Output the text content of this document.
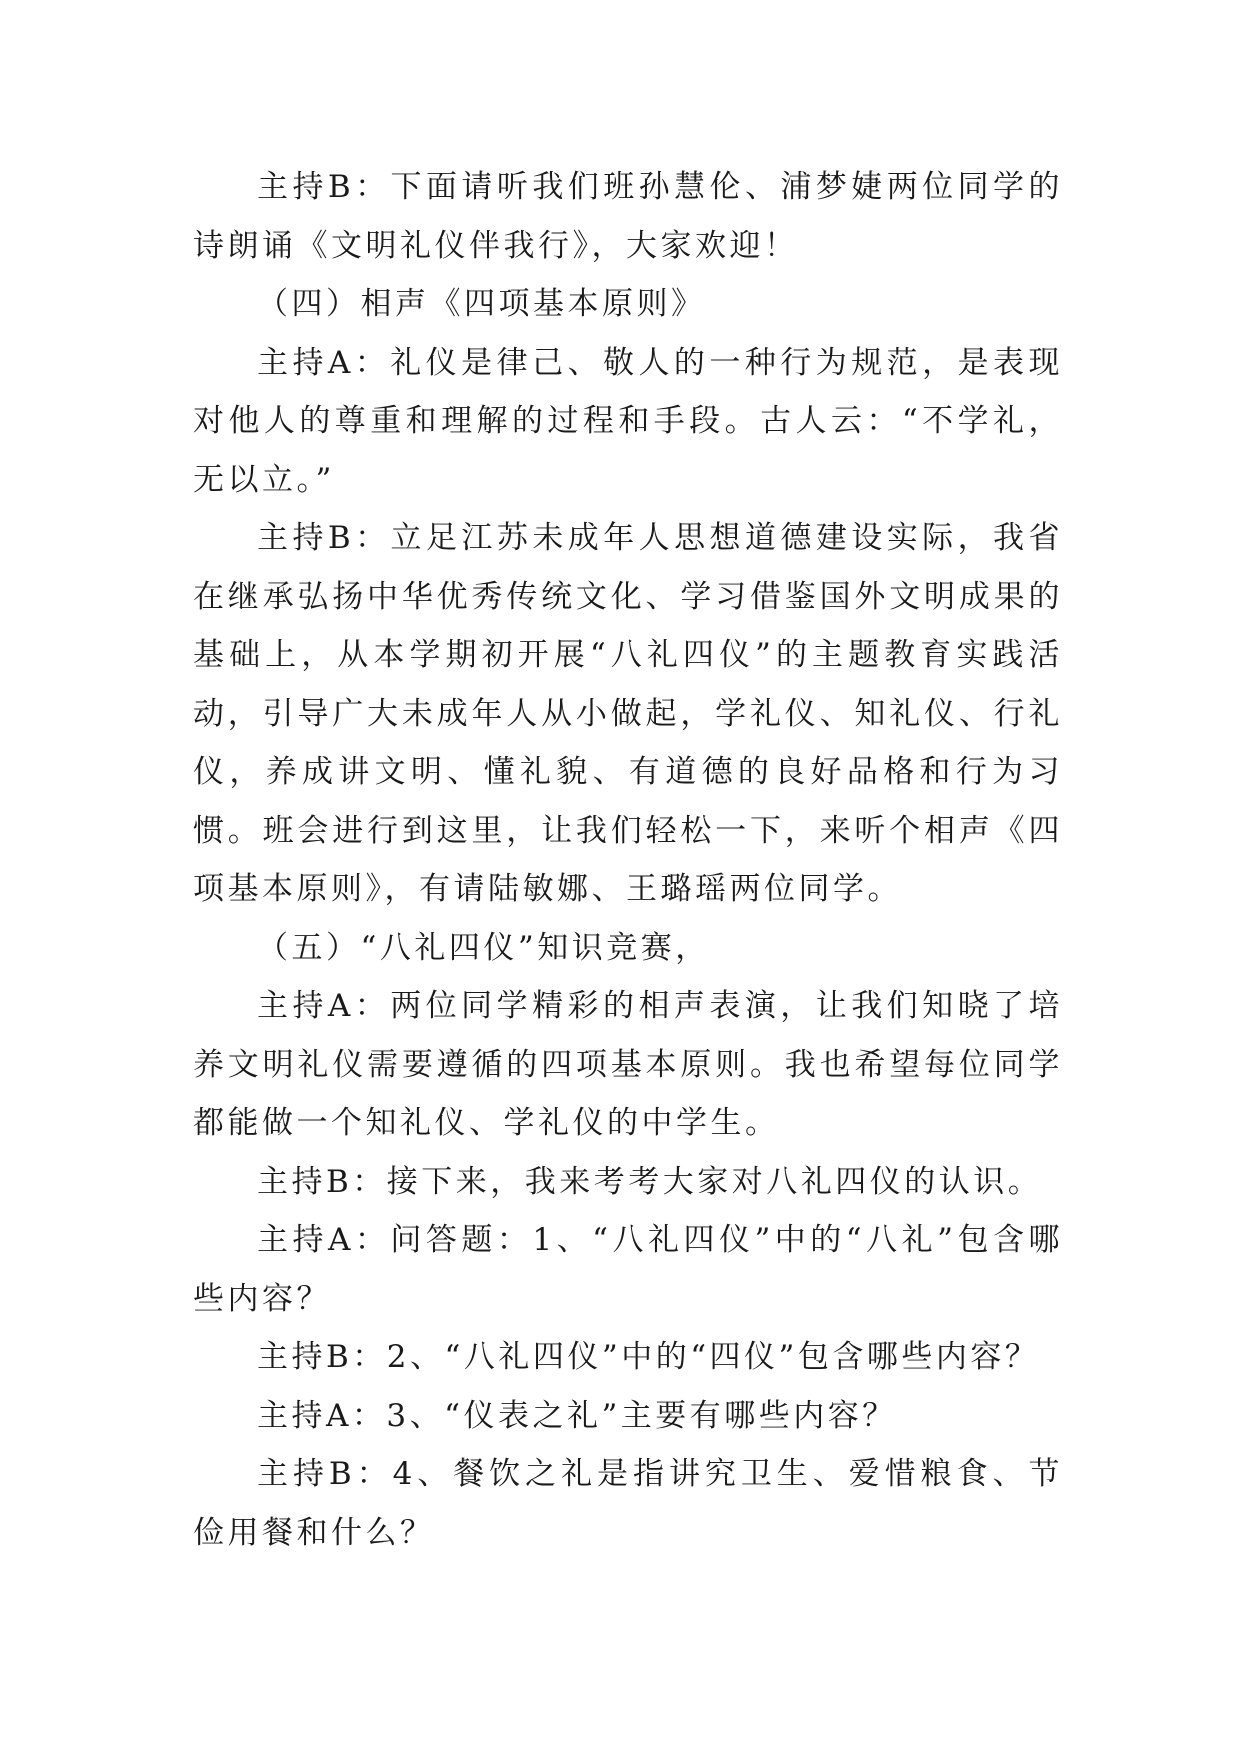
主持B：下面请听我们班孙慧伦、浦梦婕两位同学的诗朗诵《文明礼仪伴我行》，大家欢迎！

（四）相声《四项基本原则》

主持A：礼仪是律己、敬人的一种行为规范，是表现对他人的尊重和理解的过程和手段。古人云：“不学礼，无以立。”

主持B：立足江苏未成年人思想道德建设实际，我省在继承弘扬中华优秀传统文化、学习借鉴国外文明成果的基础上，从本学期初开展“八礼四仪”的主题教育实践活动，引导广大未成年人从小做起，学礼仪、知礼仪、行礼仪，养成讲文明、懂礼貌、有道德的良好品格和行为习惯。班会进行到这里，让我们轻松一下，来听个相声《四项基本原则》，有请陆敏娜、王璐瑶两位同学。

（五）“八礼四仪”知识竞赛，

主持A：两位同学精彩的相声表演，让我们知晓了培养文明礼仪需要遵循的四项基本原则。我也希望每位同学都能做一个知礼仪、学礼仪的中学生。

主持B：接下来，我来考考大家对八礼四仪的认识。

主持A：问答题：1、“八礼四仪”中的“八礼”包含哪些内容？

主持B：2、“八礼四仪”中的“四仪”包含哪些内容？

主持A：3、“仪表之礼”主要有哪些内容？

主持B：4、餐饮之礼是指讲究卫生、爱惜粮食、节俭用餐和什么？
